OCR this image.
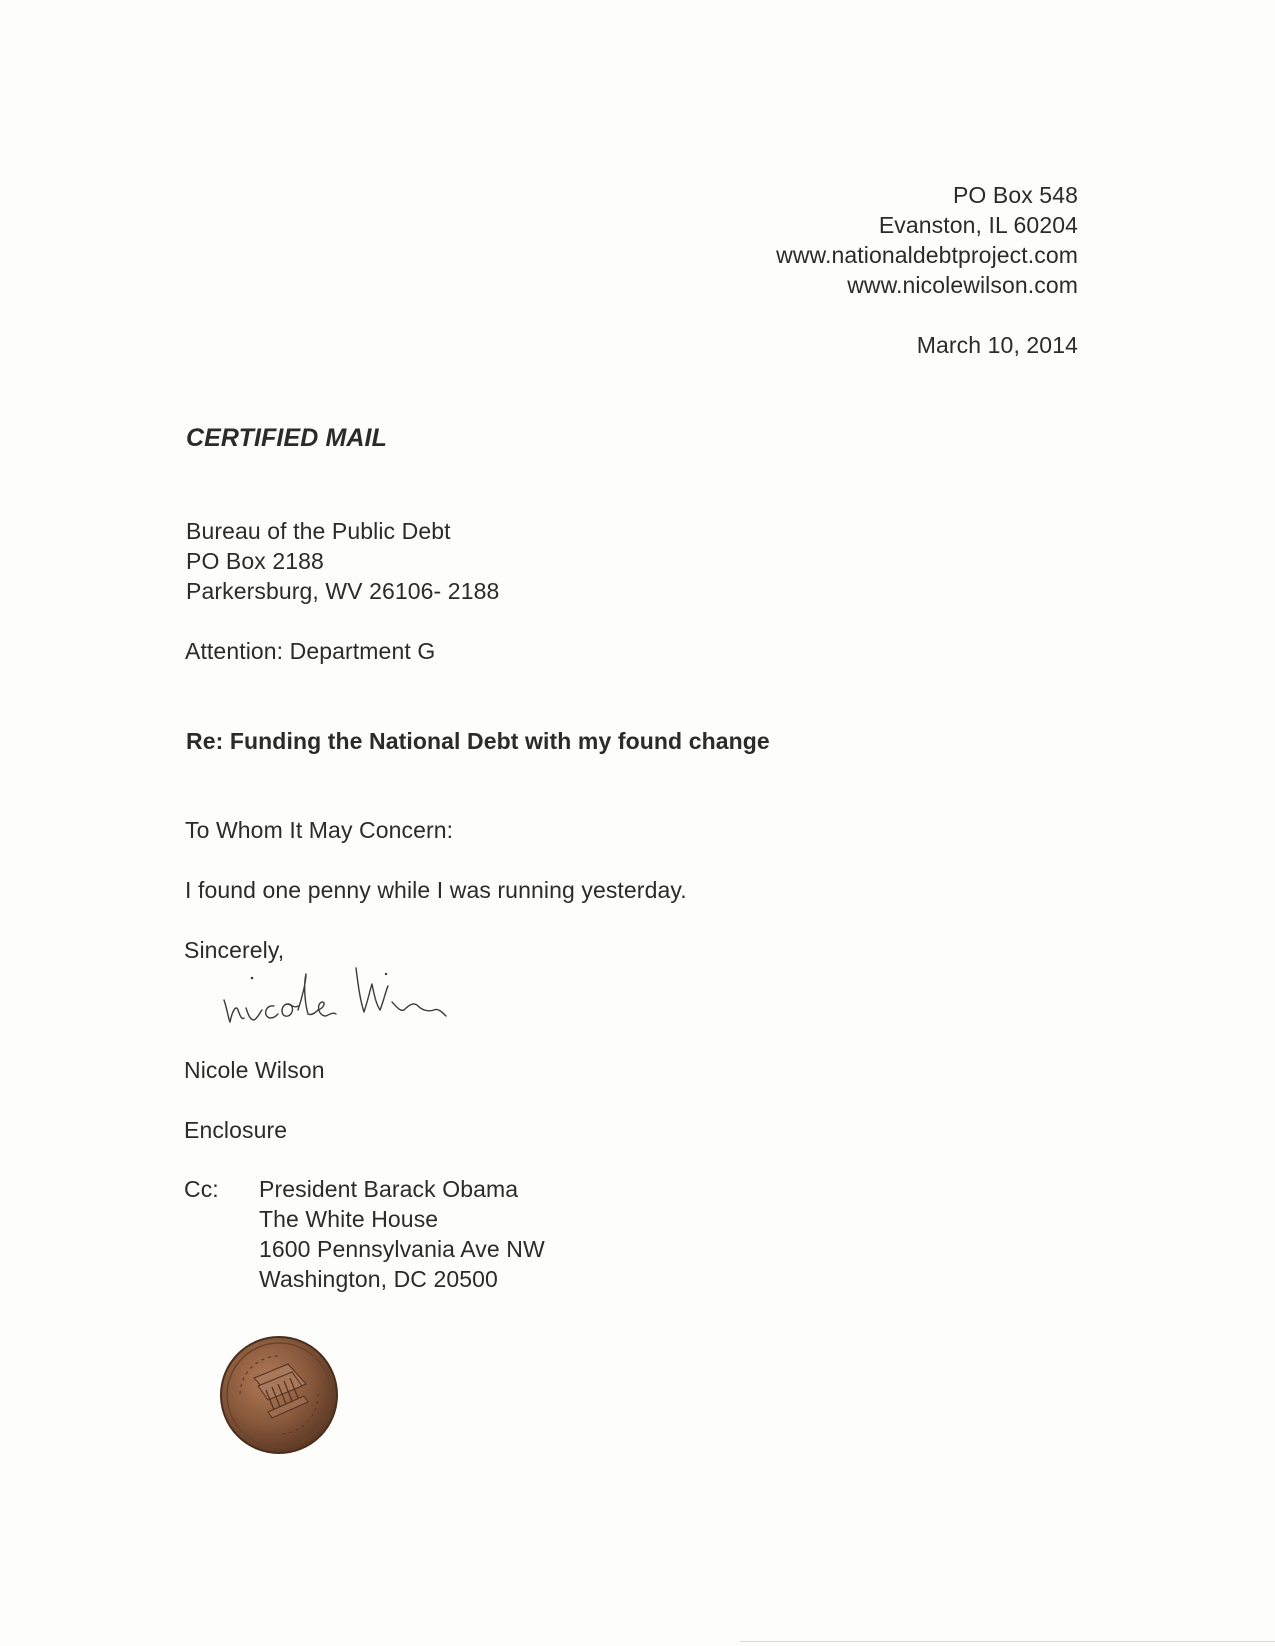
PO Box 548
Evanston, IL 60204
www.nationaldebtproject.com
www.nicolewilson.com
March 10, 2014
CERTIFIED MAIL
Bureau of the Public Debt
PO Box 2188
Parkersburg, WV 26106- 2188
Attention: Department G
Re: Funding the National Debt with my found change
To Whom It May Concern:
I found one penny while I was running yesterday.
Sincerely,
Nicole Wilson
Enclosure
Cc: President Barack Obama
The White House
1600 Pennsylvania Ave NW
Washington, DC 20500
